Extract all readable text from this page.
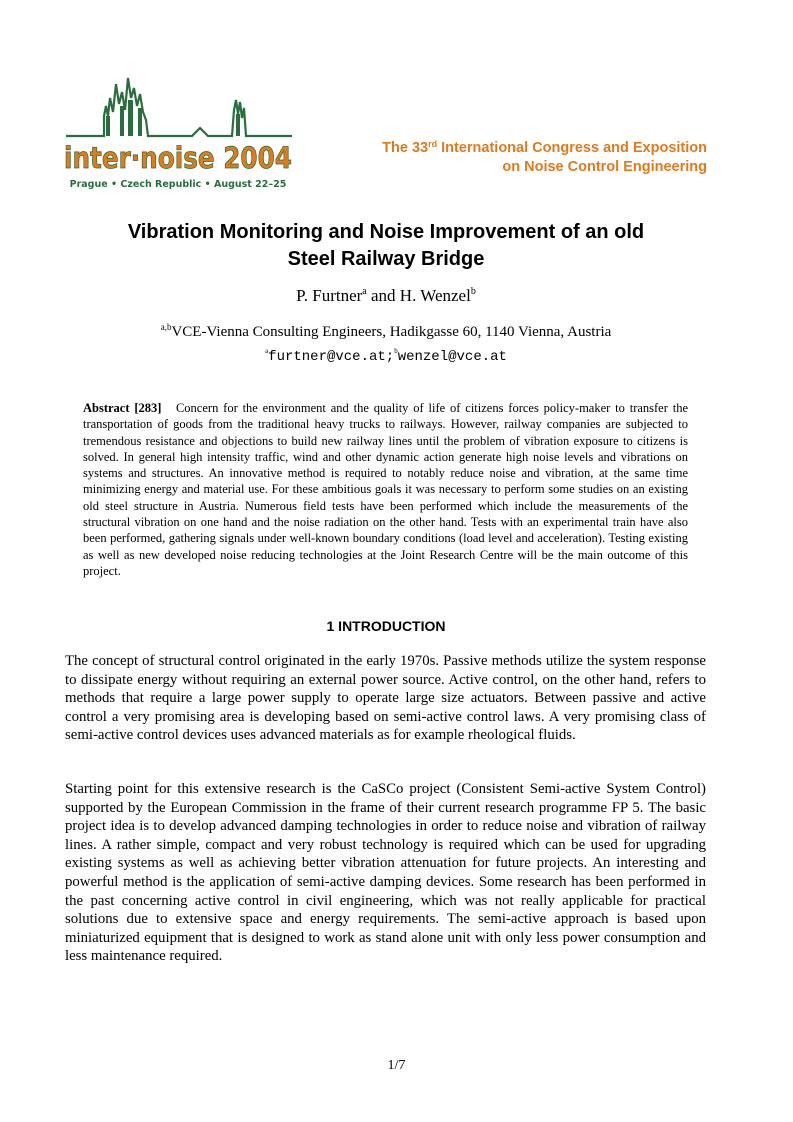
inter·noise 2004
Prague • Czech Republic • August 22–25
The 33rd International Congress and Exposition
on Noise Control Engineering
Vibration Monitoring and Noise Improvement of an old
Steel Railway Bridge
P. Furtner$^a$ and H. Wenzel$^b$
$^{a,b}$VCE-Vienna Consulting Engineers, Hadikgasse 60, 1140 Vienna, Austria
$^a$furtner@vce.at;$^b$wenzel@vce.at
Abstract [283] Concern for the environment and the quality of life of citizens forces policy-maker to transfer the transportation of goods from the traditional heavy trucks to railways. However, railway companies are subjected to tremendous resistance and objections to build new railway lines until the problem of vibration exposure to citizens is solved. In general high intensity traffic, wind and other dynamic action generate high noise levels and vibrations on systems and structures. An innovative method is required to notably reduce noise and vibration, at the same time minimizing energy and material use. For these ambitious goals it was necessary to perform some studies on an existing old steel structure in Austria. Numerous field tests have been performed which include the measurements of the structural vibration on one hand and the noise radiation on the other hand. Tests with an experimental train have also been performed, gathering signals under well-known boundary conditions (load level and acceleration). Testing existing as well as new developed noise reducing technologies at the Joint Research Centre will be the main outcome of this project.
1 INTRODUCTION
The concept of structural control originated in the early 1970s. Passive methods utilize the system response to dissipate energy without requiring an external power source. Active control, on the other hand, refers to methods that require a large power supply to operate large size actuators. Between passive and active control a very promising area is developing based on semi-active control laws. A very promising class of semi-active control devices uses advanced materials as for example rheological fluids.
Starting point for this extensive research is the CaSCo project (Consistent Semi-active System Control) supported by the European Commission in the frame of their current research programme FP 5. The basic project idea is to develop advanced damping technologies in order to reduce noise and vibration of railway lines. A rather simple, compact and very robust technology is required which can be used for upgrading existing systems as well as achieving better vibration attenuation for future projects. An interesting and powerful method is the application of semi-active damping devices. Some research has been performed in the past concerning active control in civil engineering, which was not really applicable for practical solutions due to extensive space and energy requirements. The semi-active approach is based upon miniaturized equipment that is designed to work as stand alone unit with only less power consumption and less maintenance required.
1/7
